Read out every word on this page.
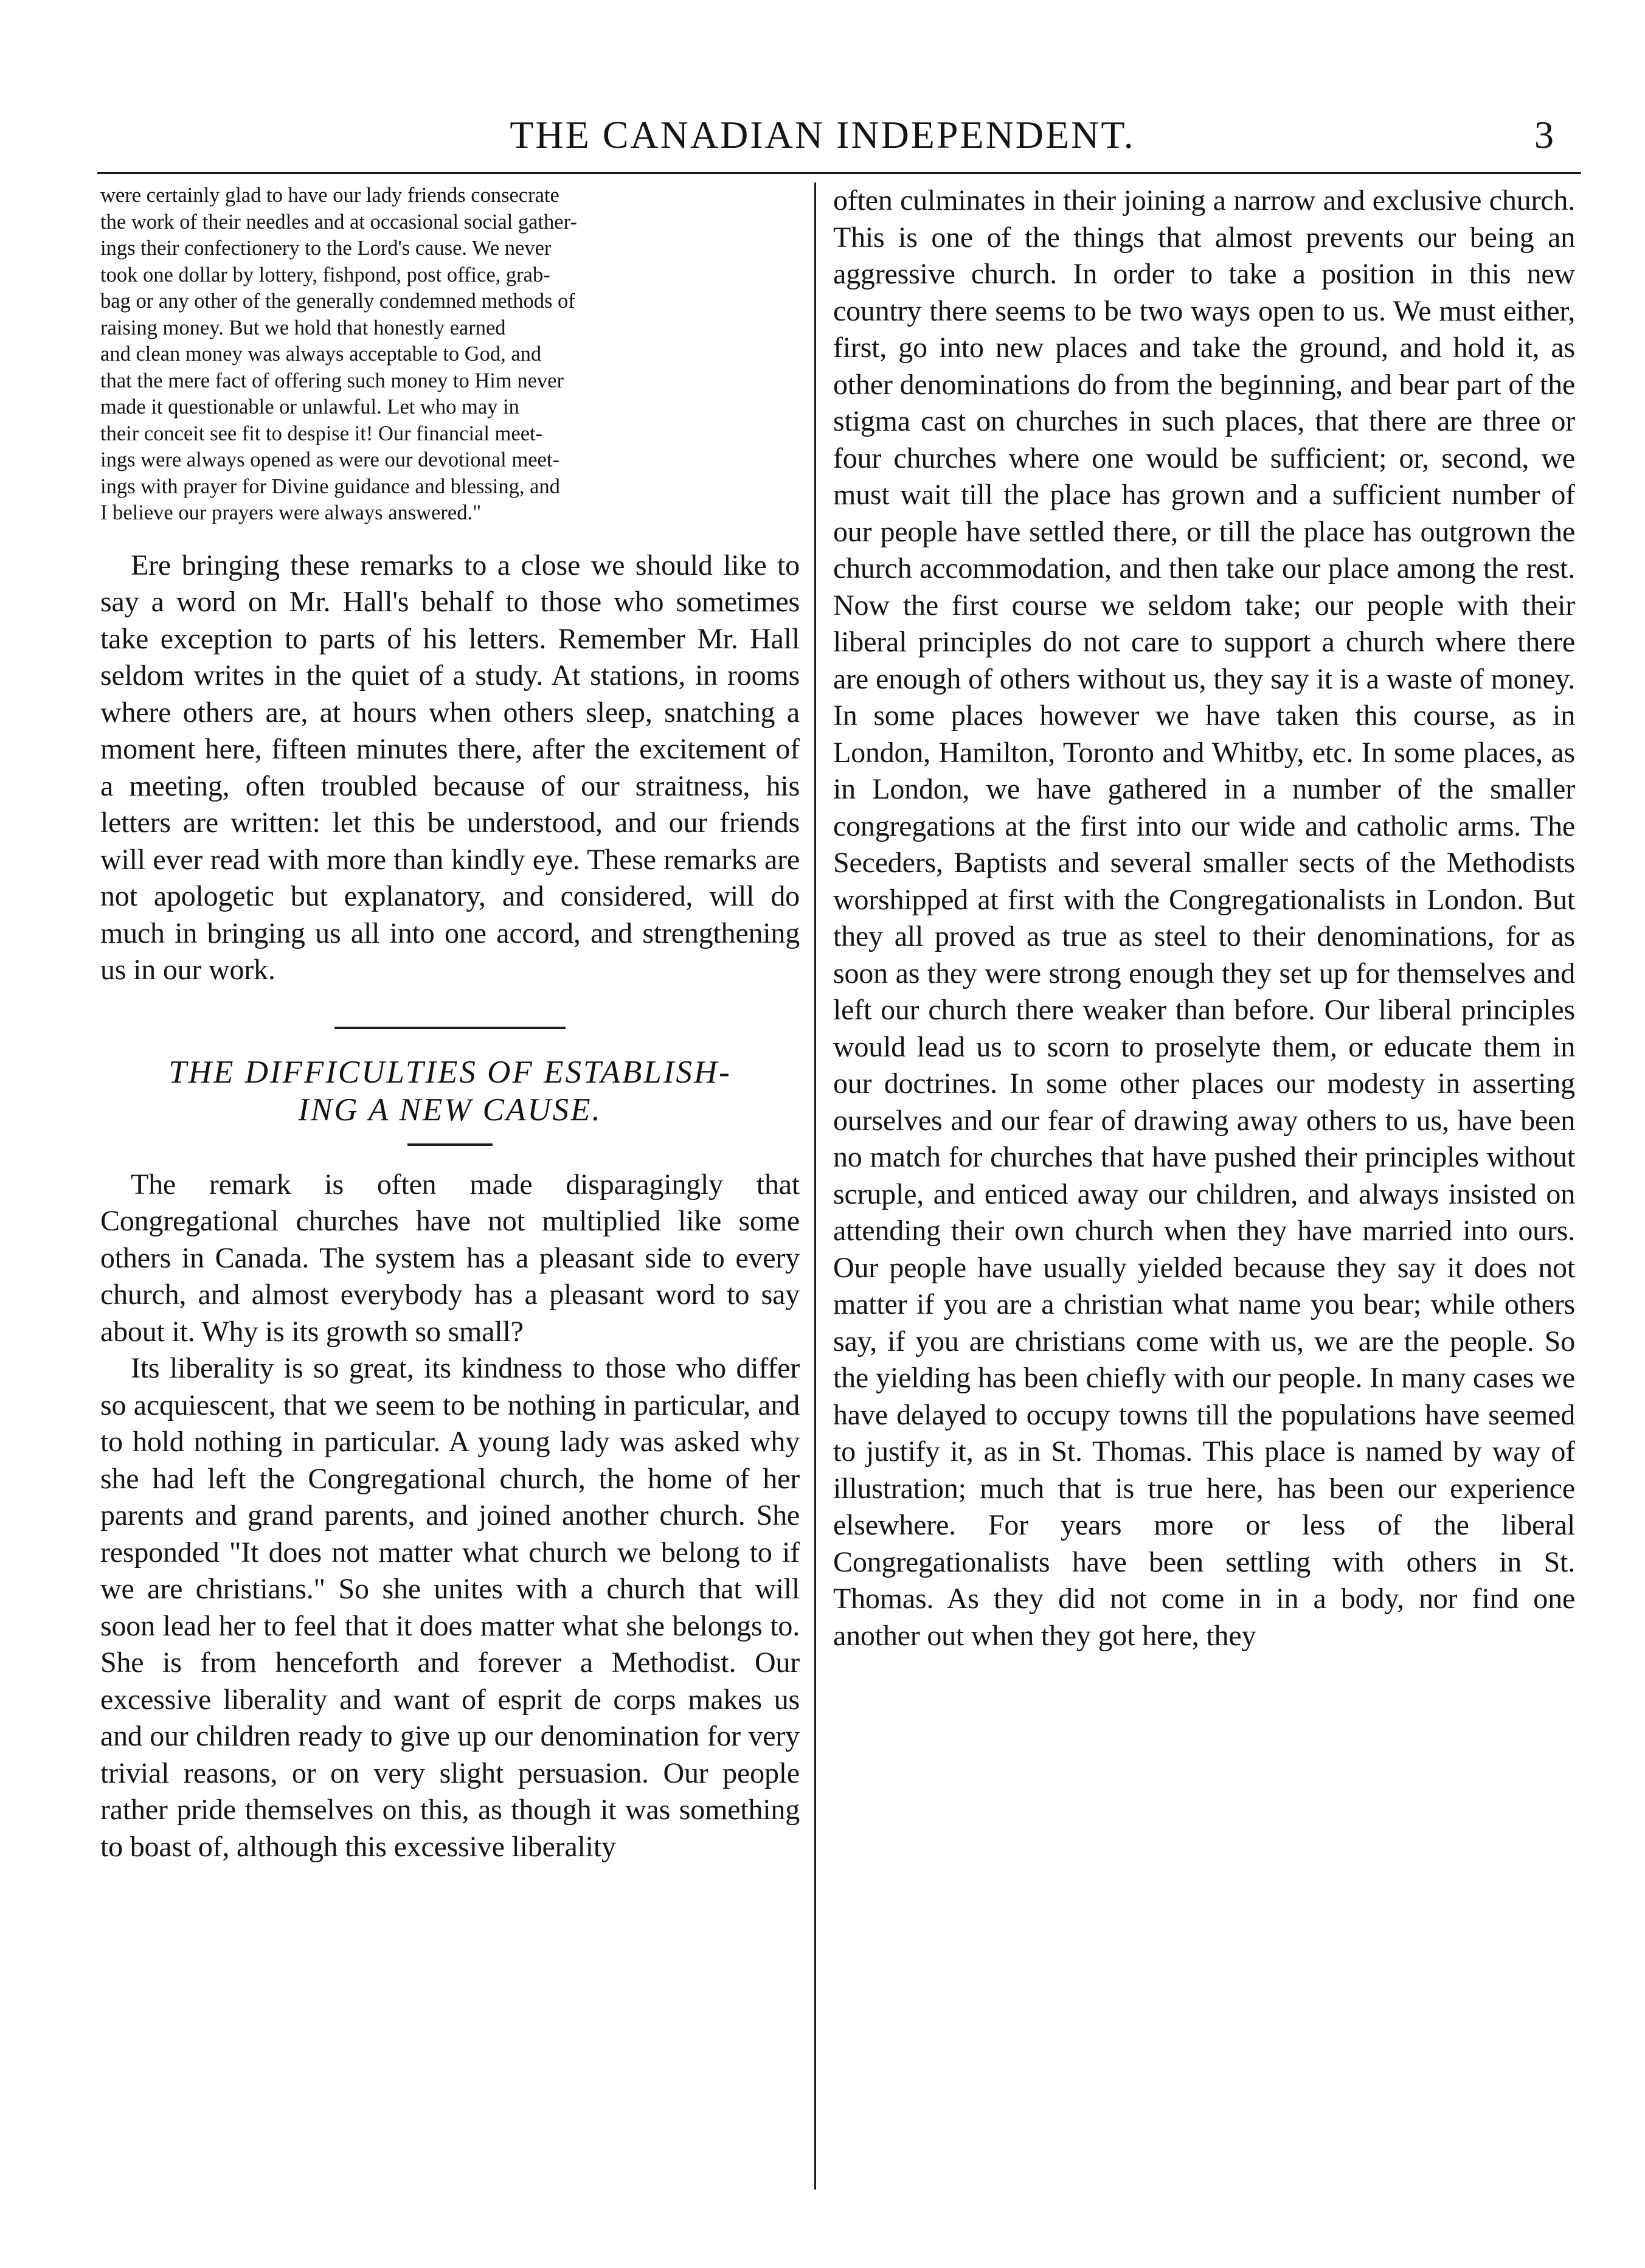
THE CANADIAN INDEPENDENT.	3

were certainly glad to have our lady friends consecrate

the work of their needles and at occasional social gather-

ings their confectionery to the Lord's cause. We never

took one dollar by lottery, fishpond, post office, grab-

bag or any other of the generally condemned methods of

raising money. But we hold that honestly earned

and clean money was always acceptable to God, and

that the mere fact of offering such money to Him never

made it questionable or unlawful. Let who may in

their conceit see fit to despise it! Our financial meet-

ings were always opened as were our devotional meet-

ings with prayer for Divine guidance and blessing, and

I believe our prayers were always answered."

Ere bringing these remarks to a close we should like to say a word on Mr. Hall's behalf to those who sometimes take exception to parts of his letters. Remember Mr. Hall seldom writes in the quiet of a study. At stations, in rooms where others are, at hours when others sleep, snatching a moment here, fifteen minutes there, after the excitement of a meeting, often troubled because of our straitness, his letters are written: let this be understood, and our friends will ever read with more than kindly eye. These remarks are not apologetic but explanatory, and considered, will do much in bringing us all into one accord, and strengthening us in our work.

THE DIFFICULTIES OF ESTABLISH-

ING A NEW CAUSE.

The remark is often made disparagingly that Congregational churches have not multiplied like some others in Canada. The system has a pleasant side to every church, and almost everybody has a pleasant word to say about it. Why is its growth so small?

Its liberality is so great, its kindness to those who differ so acquiescent, that we seem to be nothing in particular, and to hold nothing in particular. A young lady was asked why she had left the Congregational church, the home of her parents and grand parents, and joined another church. She responded "It does not matter what church we belong to if we are christians." So she unites with a church that will soon lead her to feel that it does matter what she belongs to. She is from henceforth and forever a Methodist. Our excessive liberality and want of esprit de corps makes us and our children ready to give up our denomination for very trivial reasons, or on very slight persuasion. Our people rather pride themselves on this, as though it was something to boast of, although this excessive liberality

often culminates in their joining a narrow and exclusive church. This is one of the things that almost prevents our being an aggressive church. In order to take a position in this new country there seems to be two ways open to us. We must either, first, go into new places and take the ground, and hold it, as other denominations do from the beginning, and bear part of the stigma cast on churches in such places, that there are three or four churches where one would be sufficient; or, second, we must wait till the place has grown and a sufficient number of our people have settled there, or till the place has outgrown the church accommodation, and then take our place among the rest. Now the first course we seldom take; our people with their liberal principles do not care to support a church where there are enough of others without us, they say it is a waste of money. In some places however we have taken this course, as in London, Hamilton, Toronto and Whitby, etc. In some places, as in London, we have gathered in a number of the smaller congregations at the first into our wide and catholic arms. The Seceders, Baptists and several smaller sects of the Methodists worshipped at first with the Congregationalists in London. But they all proved as true as steel to their denominations, for as soon as they were strong enough they set up for themselves and left our church there weaker than before. Our liberal principles would lead us to scorn to proselyte them, or educate them in our doctrines. In some other places our modesty in asserting ourselves and our fear of drawing away others to us, have been no match for churches that have pushed their principles without scruple, and enticed away our children, and always insisted on attending their own church when they have married into ours. Our people have usually yielded because they say it does not matter if you are a christian what name you bear; while others say, if you are christians come with us, we are the people. So the yielding has been chiefly with our people. In many cases we have delayed to occupy towns till the populations have seemed to justify it, as in St. Thomas. This place is named by way of illustration; much that is true here, has been our experience elsewhere. For years more or less of the liberal Congregationalists have been settling with others in St. Thomas. As they did not come in in a body, nor find one another out when they got here, they
